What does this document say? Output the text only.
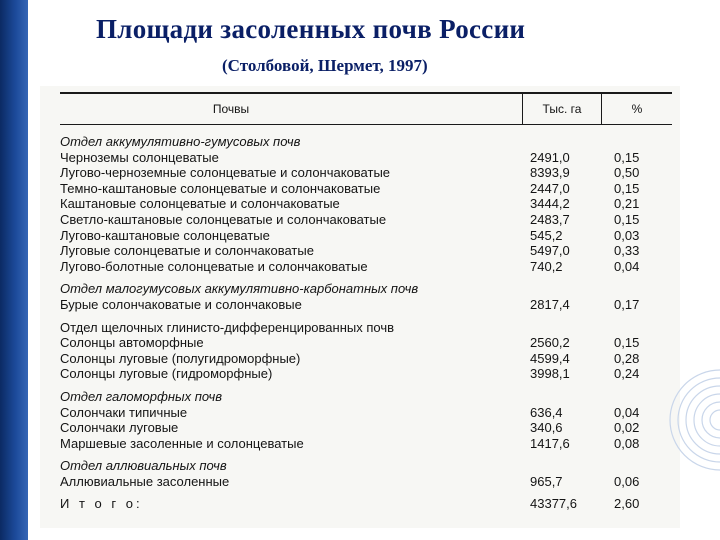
Площади засоленных почв России
(Столбовой, Шермет, 1997)
Почвы	Тыс. га	%
Отдел аккумулятивно-гумусовых почв
Черноземы солонцеватые	2491,0	0,15
Лугово-черноземные солонцеватые и солончаковатые	8393,9	0,50
Темно-каштановые солонцеватые и солончаковатые	2447,0	0,15
Каштановые солонцеватые и солончаковатые	3444,2	0,21
Светло-каштановые солонцеватые и солончаковатые	2483,7	0,15
Лугово-каштановые солонцеватые	545,2	0,03
Луговые солонцеватые и солончаковатые	5497,0	0,33
Лугово-болотные солонцеватые и солончаковатые	740,2	0,04
Отдел малогумусовых аккумулятивно-карбонатных почв
Бурые солончаковатые и солончаковые	2817,4	0,17
Отдел щелочных глинисто-дифференцированных почв
Солонцы автоморфные	2560,2	0,15
Солонцы луговые (полугидроморфные)	4599,4	0,28
Солонцы луговые (гидроморфные)	3998,1	0,24
Отдел галоморфных почв
Солончаки типичные	636,4	0,04
Солончаки луговые	340,6	0,02
Маршевые засоленные и солонцеватые	1417,6	0,08
Отдел аллювиальных почв
Аллювиальные засоленные	965,7	0,06
И т о г о:	43377,6	2,60
